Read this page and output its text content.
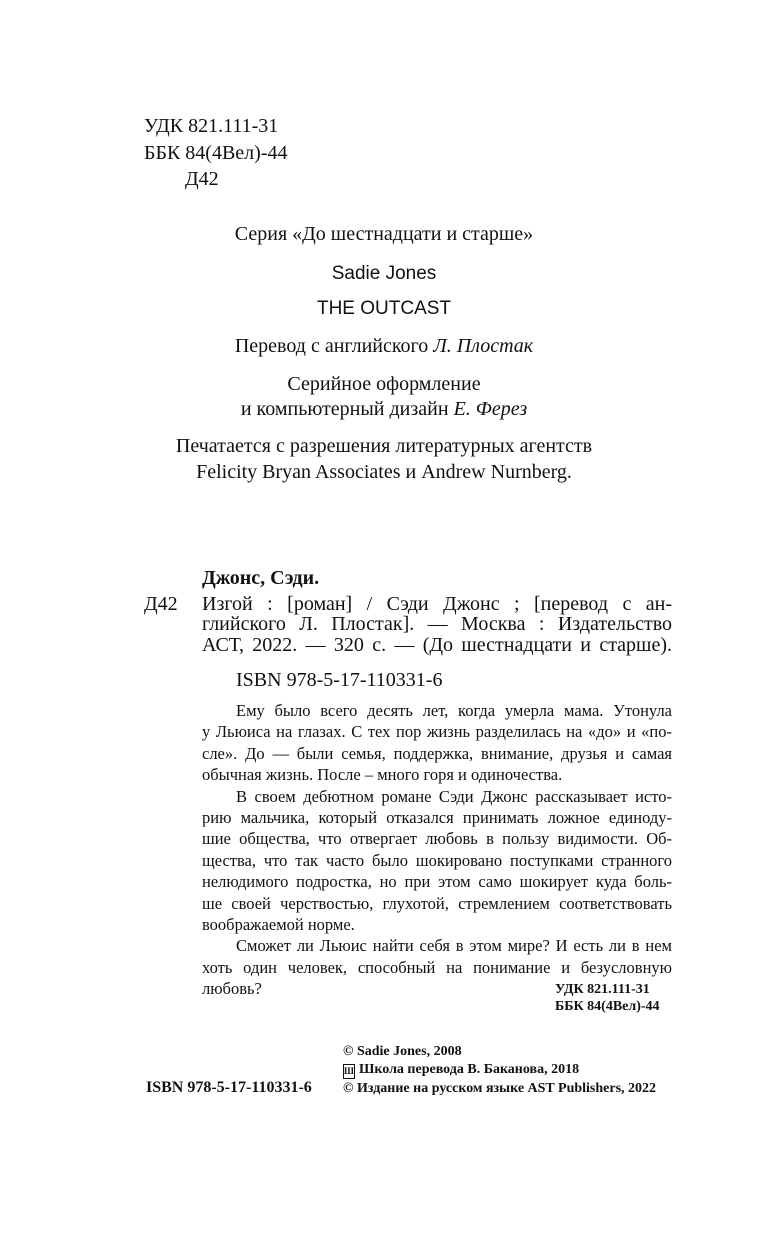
УДК 821.111-31
ББК 84(4Вел)-44
Д42
Серия «До шестнадцати и старше»
Sadie Jones
THE OUTCAST
Перевод с английского Л. Плостак
Серийное оформление
и компьютерный дизайн Е. Ферез
Печатается с разрешения литературных агентств
Felicity Bryan Associates и Andrew Nurnberg.
Джонс, Сэди.
Д42 Изгой : [роман] / Сэди Джонс ; [перевод с ан-
глийского Л. Плостак]. — Москва : Издательство
АСТ, 2022. — 320 с. — (До шестнадцати и старше).
ISBN 978-5-17-110331-6
Ему было всего десять лет, когда умерла мама. Утонула
у Льюиса на глазах. С тех пор жизнь разделилась на «до» и «по-
сле». До — были семья, поддержка, внимание, друзья и самая
обычная жизнь. После – много горя и одиночества.
В своем дебютном романе Сэди Джонс рассказывает исто-
рию мальчика, который отказался принимать ложное единоду-
шие общества, что отвергает любовь в пользу видимости. Об-
щества, что так часто было шокировано поступками странного
нелюдимого подростка, но при этом само шокирует куда боль-
ше своей черствостью, глухотой, стремлением соответствовать
воображаемой норме.
Сможет ли Льюис найти себя в этом мире? И есть ли в нем
хоть один человек, способный на понимание и безусловную
любовь?	УДК 821.111-31
ББК 84(4Вел)-44
© Sadie Jones, 2008
Ш Школа перевода В. Баканова, 2018
ISBN 978-5-17-110331-6 © Издание на русском языке AST Publishers, 2022
